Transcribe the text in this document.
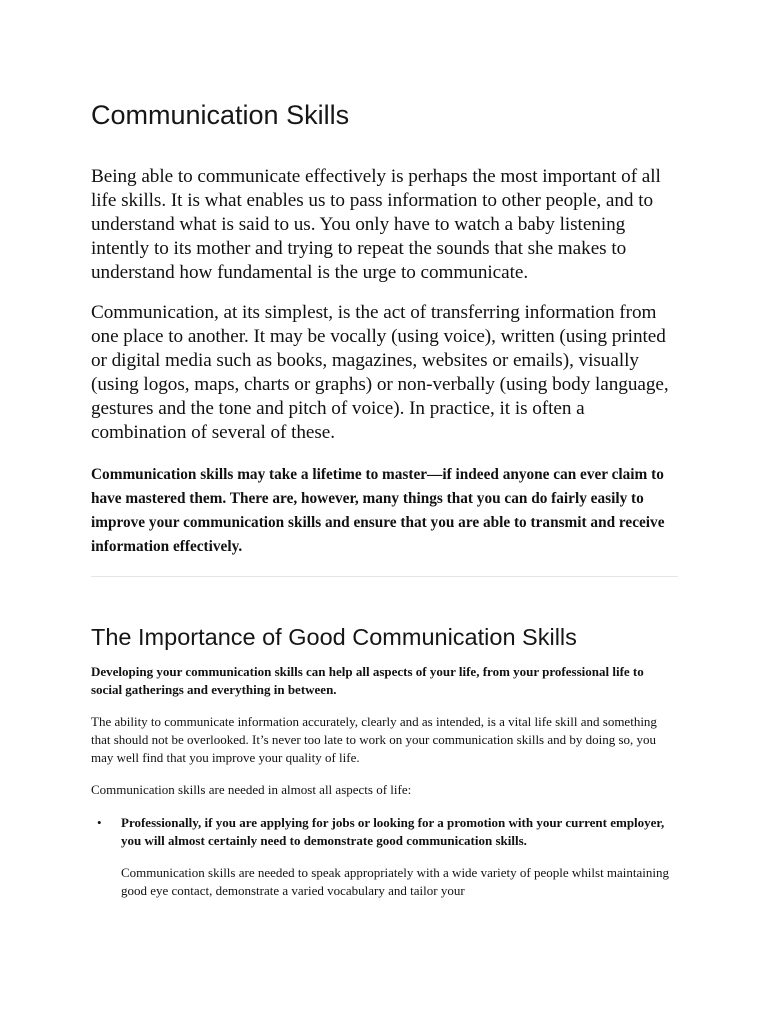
Communication Skills

Being able to communicate effectively is perhaps the most important of all life skills. It is what enables us to pass information to other people, and to understand what is said to us. You only have to watch a baby listening intently to its mother and trying to repeat the sounds that she makes to understand how fundamental is the urge to communicate.

Communication, at its simplest, is the act of transferring information from one place to another. It may be vocally (using voice), written (using printed or digital media such as books, magazines, websites or emails), visually (using logos, maps, charts or graphs) or non-verbally (using body language, gestures and the tone and pitch of voice). In practice, it is often a combination of several of these.

Communication skills may take a lifetime to master—if indeed anyone can ever claim to have mastered them. There are, however, many things that you can do fairly easily to improve your communication skills and ensure that you are able to transmit and receive information effectively.

The Importance of Good Communication Skills

Developing your communication skills can help all aspects of your life, from your professional life to social gatherings and everything in between.

The ability to communicate information accurately, clearly and as intended, is a vital life skill and something that should not be overlooked. It’s never too late to work on your communication skills and by doing so, you may well find that you improve your quality of life.

Communication skills are needed in almost all aspects of life:

• Professionally, if you are applying for jobs or looking for a promotion with your current employer, you will almost certainly need to demonstrate good communication skills.

Communication skills are needed to speak appropriately with a wide variety of people whilst maintaining good eye contact, demonstrate a varied vocabulary and tailor your
